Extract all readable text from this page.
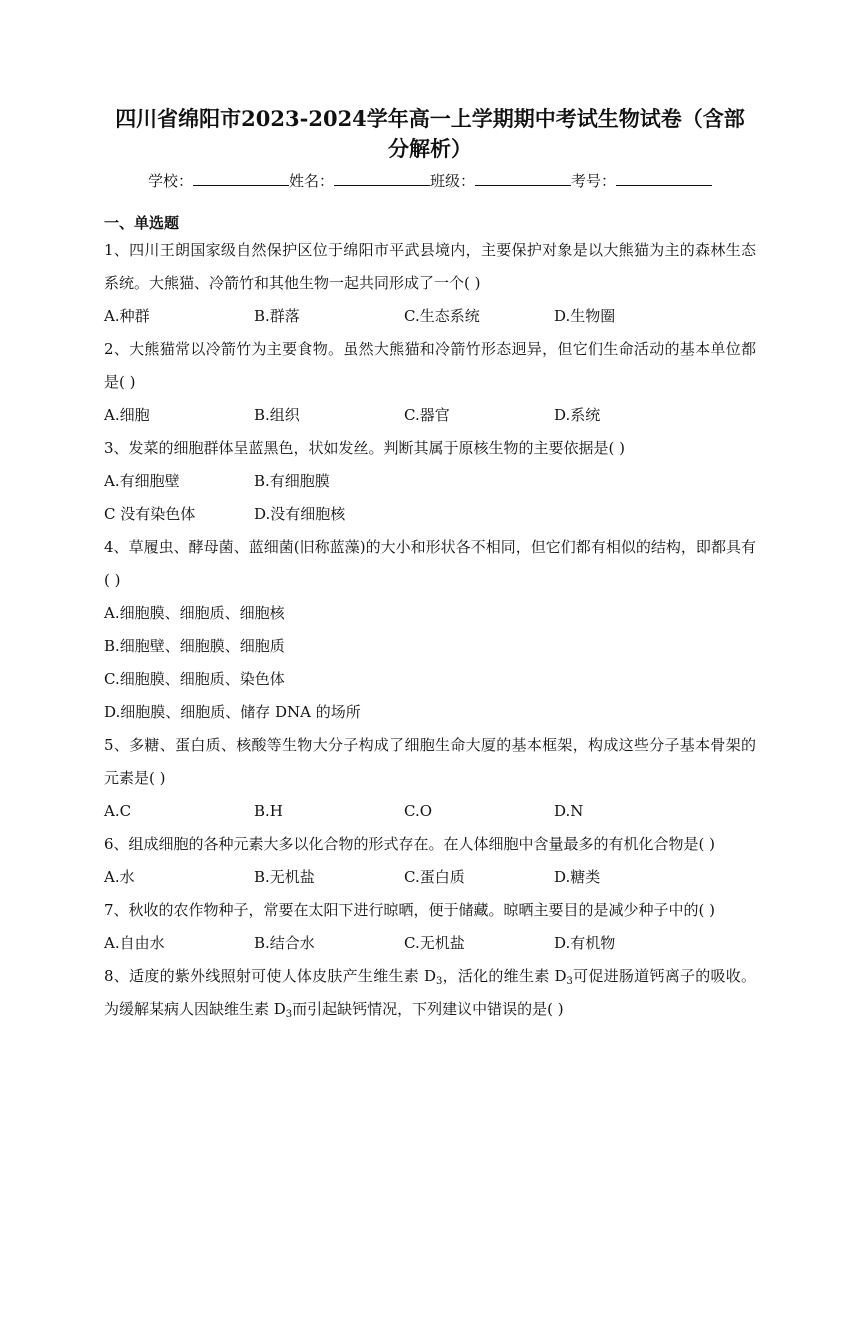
四川省绵阳市2023-2024学年高一上学期期中考试生物试卷（含部分解析）
学校：	姓名：	班级：	考号：
一、单选题
1、四川王朗国家级自然保护区位于绵阳市平武县境内，主要保护对象是以大熊猫为主的森林生态系统。大熊猫、冷箭竹和其他生物一起共同形成了一个( )
A.种群	B.群落	C.生态系统	D.生物圈
2、大熊猫常以冷箭竹为主要食物。虽然大熊猫和冷箭竹形态迥异，但它们生命活动的基本单位都是( )
A.细胞	B.组织	C.器官	D.系统
3、发菜的细胞群体呈蓝黑色，状如发丝。判断其属于原核生物的主要依据是( )
A.有细胞壁	B.有细胞膜
C 没有染色体	D.没有细胞核
4、草履虫、酵母菌、蓝细菌(旧称蓝藻)的大小和形状各不相同，但它们都有相似的结构，即都具有( )
A.细胞膜、细胞质、细胞核
B.细胞壁、细胞膜、细胞质
C.细胞膜、细胞质、染色体
D.细胞膜、细胞质、储存 DNA 的场所
5、多糖、蛋白质、核酸等生物大分子构成了细胞生命大厦的基本框架，构成这些分子基本骨架的元素是( )
A.C	B.H	C.O	D.N
6、组成细胞的各种元素大多以化合物的形式存在。在人体细胞中含量最多的有机化合物是( )
A.水	B.无机盐	C.蛋白质	D.糖类
7、秋收的农作物种子，常要在太阳下进行晾晒，便于储藏。晾晒主要目的是减少种子中的( )
A.自由水	B.结合水	C.无机盐	D.有机物
8、适度的紫外线照射可使人体皮肤产生维生素 $D_3$，活化的维生素 $D_3$可促进肠道钙离子的吸收。为缓解某病人因缺维生素 $D_3$而引起缺钙情况，下列建议中错误的是( )
